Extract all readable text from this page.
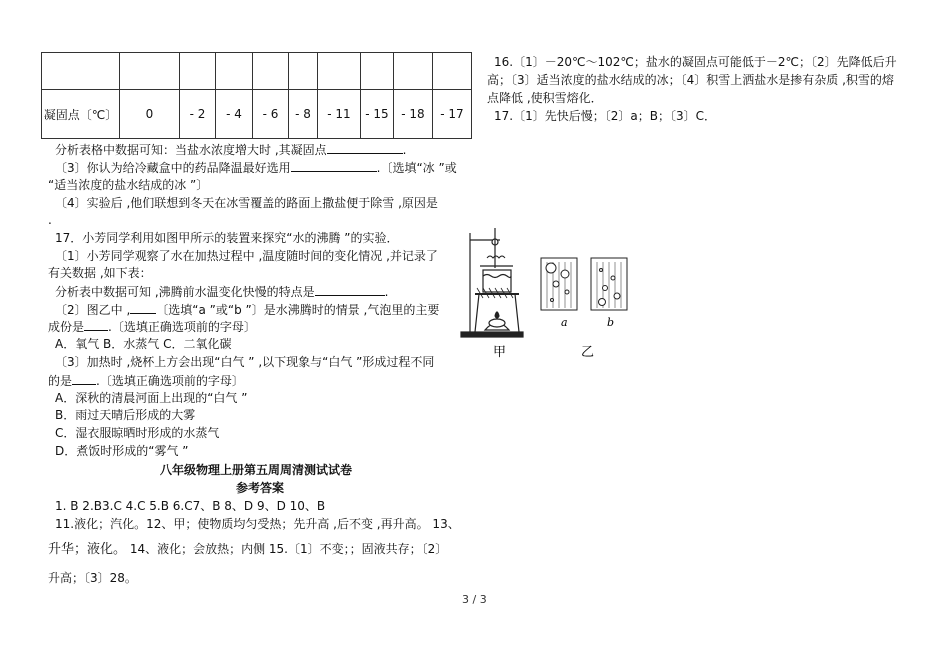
凝固点〔℃〕	0	- 2	- 4	- 6	- 8	- 11	- 15	- 18	- 17
分析表格中数据可知：当盐水浓度增大时 ,其凝固点	.
〔3〕你认为给冷藏盒中的药品降温最好选用	.〔选填“冰 ”或
“适当浓度的盐水结成的冰 ”〕
〔4〕实验后 ,他们联想到冬天在冰雪覆盖的路面上撒盐便于除雪 ,原因是
.
17．小芳同学利用如图甲所示的装置来探究“水的沸腾 ”的实验．
〔1〕小芳同学观察了水在加热过程中 ,温度随时间的变化情况 ,并记录了
有关数据 ,如下表：
分析表中数据可知 ,沸腾前水温变化快慢的特点是	.
〔2〕图乙中 , 〔选填“a ”或“b ”〕是水沸腾时的情景 ,气泡里的主要
成份是 .〔选填正确选项前的字母〕
A．氧气 B．水蒸气 C．二氧化碳
〔3〕加热时 ,烧杯上方会出现“白气 ” ,以下现象与“白气 ”形成过程不同
的是 .〔选填正确选项前的字母〕
A．深秋的清晨河面上出现的“白气 ”
B．雨过天晴后形成的大雾
C．湿衣服晾晒时形成的水蒸气
D．煮饭时形成的“雾气 ”
a	b
甲	乙
八年级物理上册第五周周清测试试卷
参考答案
1. B 2.B3.C 4.C 5.B 6.C7、B 8、D 9、D 10、B
11.液化；汽化。12、甲；使物质均匀受热；先升高 ,后不变 ,再升高。 13、
升华；液化。 14、液化；会放热；内侧 15.〔1〕不变；；固液共存；〔2〕
升高；〔3〕28。
16.〔1〕－20℃～102℃；盐水的凝固点可能低于－2℃；〔2〕先降低后升
高；〔3〕适当浓度的盐水结成的冰；〔4〕积雪上洒盐水是掺有杂质 ,积雪的熔
点降低 ,使积雪熔化．
17.〔1〕先快后慢；〔2〕a；B；〔3〕C．
3 / 3
